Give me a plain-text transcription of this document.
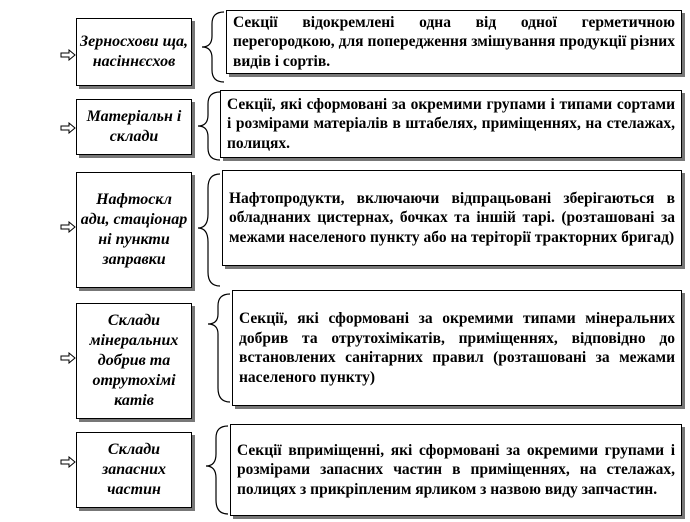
Зерносхови ща, насіннєсхов
Секції відокремлені одна від одної герметичною перегородкою, для попередження змішування продукції різних видів і сортів.
Матеріальн і склади
Секції, які сформовані за окремими групами і типами сортами і розмірами матеріалів в штабелях, приміщеннях, на стелажах, полицях.
Нафтоскл ади, стаціонар ні пункти заправки
Нафтопродукти, включаючи відпрацьовані зберігаються в обладнаних цистернах, бочках та іншій тарі. (розташовані за межами населеного пункту або на терiторiї тракторних бригад)
Склади мінеральних добрив та отрутохімі катів
Секції, які сформовані за окремими типами мінеральних добрив та отрутохімікатів, приміщеннях, відповідно до встановлених санітарних правил (розташовані за межами населеного пункту)
Склади запасних частин
Секції вприміщенні, які сформовані за окремими групами і розмірами запасних частин в приміщеннях, на стелажах, полицях з прикріпленим ярликом з назвою виду запчастин.
